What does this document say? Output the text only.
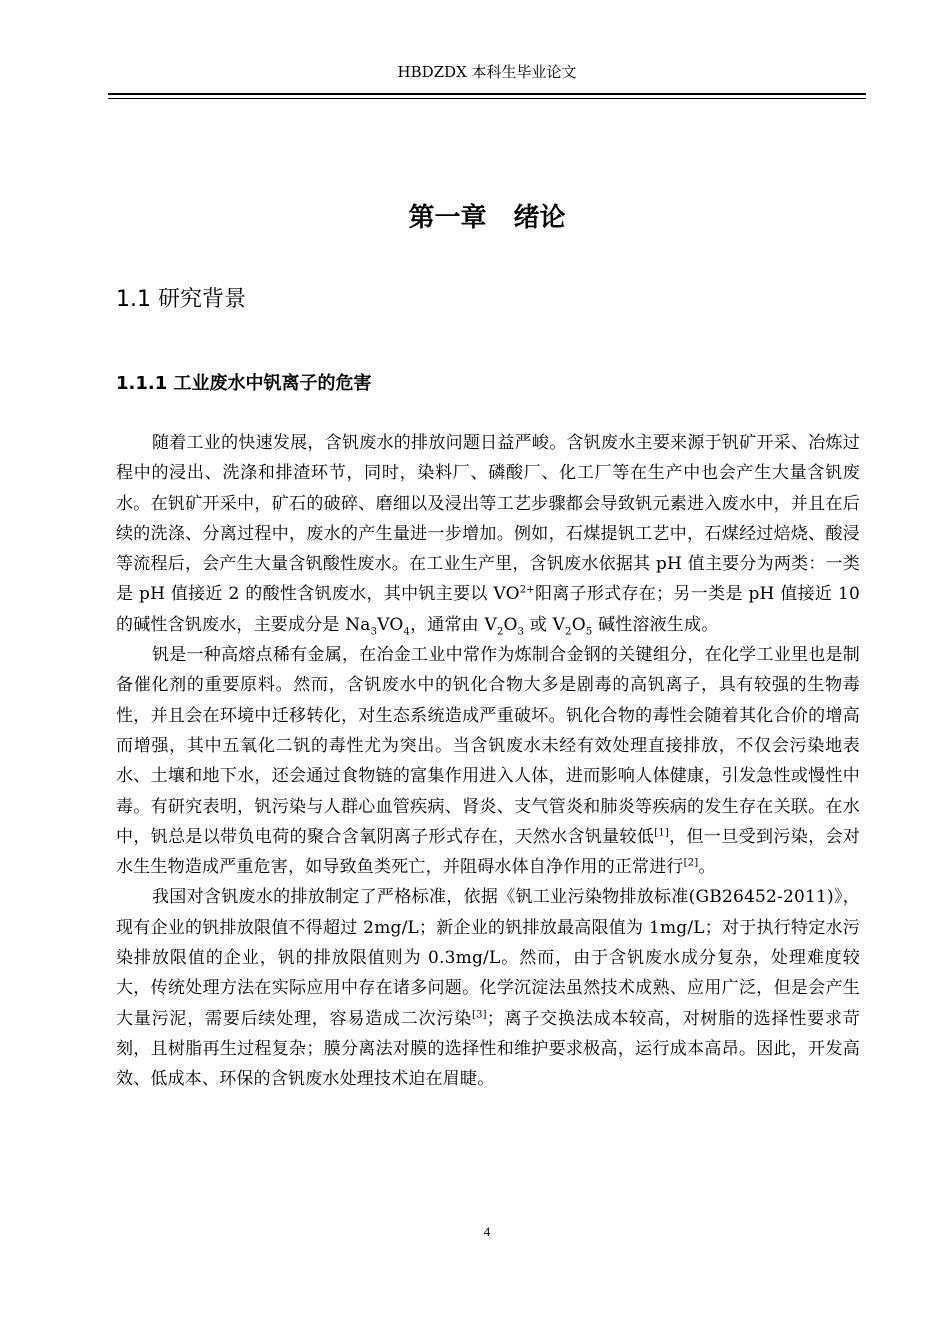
HBDZDX 本科生毕业论文
第一章 绪论
1.1 研究背景
1.1.1 工业废水中钒离子的危害

随着工业的快速发展，含钒废水的排放问题日益严峻。含钒废水主要来源于钒矿开采、冶炼过程中的浸出、洗涤和排渣环节，同时，染料厂、磷酸厂、化工厂等在生产中也会产生大量含钒废水。在钒矿开采中，矿石的破碎、磨细以及浸出等工艺步骤都会导致钒元素进入废水中，并且在后续的洗涤、分离过程中，废水的产生量进一步增加。例如，石煤提钒工艺中，石煤经过焙烧、酸浸等流程后，会产生大量含钒酸性废水。在工业生产里，含钒废水依据其 pH 值主要分为两类：一类是 pH 值接近 2 的酸性含钒废水，其中钒主要以 $VO^{2+}$阳离子形式存在；另一类是 pH 值接近 10 的碱性含钒废水，主要成分是 $Na_3VO_4$，通常由 $V_2O_3$ 或 $V_2O_5$ 碱性溶液生成。

钒是一种高熔点稀有金属，在冶金工业中常作为炼制合金钢的关键组分，在化学工业里也是制备催化剂的重要原料。然而，含钒废水中的钒化合物大多是剧毒的高钒离子，具有较强的生物毒性，并且会在环境中迁移转化，对生态系统造成严重破坏。钒化合物的毒性会随着其化合价的增高而增强，其中五氧化二钒的毒性尤为突出。当含钒废水未经有效处理直接排放，不仅会污染地表水、土壤和地下水，还会通过食物链的富集作用进入人体，进而影响人体健康，引发急性或慢性中毒。有研究表明，钒污染与人群心血管疾病、肾炎、支气管炎和肺炎等疾病的发生存在关联。在水中，钒总是以带负电荷的聚合含氧阴离子形式存在，天然水含钒量较低[1]，但一旦受到污染，会对水生生物造成严重危害，如导致鱼类死亡，并阻碍水体自净作用的正常进行[2]。

我国对含钒废水的排放制定了严格标准，依据《钒工业污染物排放标准(GB26452-2011)》，现有企业的钒排放限值不得超过 2mg/L；新企业的钒排放最高限值为 1mg/L；对于执行特定水污染排放限值的企业，钒的排放限值则为 0.3mg/L。然而，由于含钒废水成分复杂，处理难度较大，传统处理方法在实际应用中存在诸多问题。化学沉淀法虽然技术成熟、应用广泛，但是会产生大量污泥，需要后续处理，容易造成二次污染[3]；离子交换法成本较高，对树脂的选择性要求苛刻，且树脂再生过程复杂；膜分离法对膜的选择性和维护要求极高，运行成本高昂。因此，开发高效、低成本、环保的含钒废水处理技术迫在眉睫。

4
